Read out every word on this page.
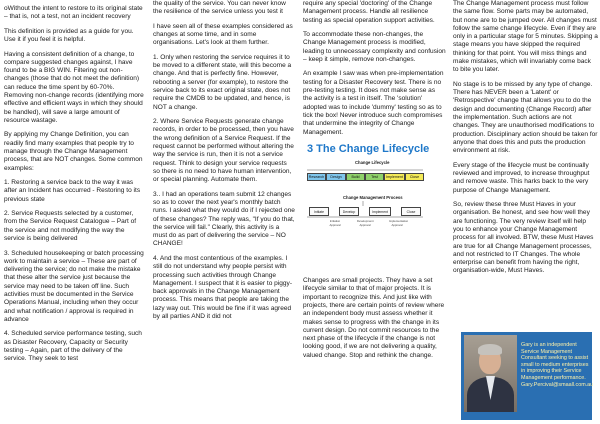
oWithout the intent to restore to its original state – that is, not a test, not an incident recovery

This definition is provided as a guide for you. Use it if you feel it is helpful.

Having a consistent definition of a change, to compare suggested changes against, I have found to be a BIG WIN. Filtering out non-changes (those that do not meet the definition) can reduce the time spent by 60-70%. Removing non-change records (identifying more effective and efficient ways in which they should be handled), will save a large amount of resource wastage.

By applying my Change Definition, you can readily find many examples that people try to manage through the Change Management process, that are NOT changes. Some common examples:

1. Restoring a service back to the way it was after an Incident has occurred - Restoring to its previous state

2. Service Requests selected by a customer, from the Service Request Catalogue – Part of the service and not modifying the way the service is being delivered

3. Scheduled housekeeping or batch processing work to maintain a service – These are part of delivering the service; do not make the mistake that these alter the service just because the service may need to be taken off line. Such activities must be documented in the Service Operations Manual, including when they occur and what notification / approval is required in advance

4. Scheduled service performance testing, such as Disaster Recovery, Capacity or Security testing – Again, part of the delivery of the service. They seek to test

the quality of the service. You can never know the resilience of the service unless you test it

I have seen all of these examples considered as changes at some time, and in some organisations. Let's look at them further.

1. Only when restoring the service requires it to be moved to a different state, will this become a change. And that is perfectly fine. However, rebooting a server (for example), to restore the service back to its exact original state, does not require the CMDB to be updated, and hence, is NOT a change.

2. Where Service Requests generate change records, in order to be processed, then you have the wrong definition of a Service Request. If the request cannot be performed without altering the way the service is run, then it is not a service request. Think to design your service requests so there is no need to have human intervention, or special planning. Automate them.

3.. I had an operations team submit 12 changes so as to cover the next year's monthly batch runs. I asked what they would do if I rejected one of these changes? The reply was, "If you do that, the service will fail." Clearly, this activity is a must do as part of delivering the service – NO CHANGE!

4. And the most contentious of the examples. I still do not understand why people persist with processing such activities through Change Management. I suspect that it is easier to piggy-back approvals in the Change Management process. This means that people are taking the lazy way out. This would be fine if it was agreed by all parties AND it did not

require any special 'doctoring' of the Change Management process. Handle all resilience testing as special operation support activities.

To accommodate these non-changes, the Change Management process is modified, leading to unnecessary complexity and confusion – keep it simple, remove non-changes.

An example I saw was when pre-implementation testing for a Disaster Recovery test. There is no pre-testing testing. It does not make sense as the activity is a test in itself. The 'solution' adopted was to include 'dummy' testing so as to tick the box! Never introduce such compromises that undermine the integrity of Change Management.

3 The Change Lifecycle
Change Lifecycle
Research	Design	Build	Test	Implement	Close
Change Management Process
Initiate	Develop	Implement	Close
Initiation Approval
Development Approval
Implementation Approval

Changes are small projects. They have a set lifecycle similar to that of major projects. It is important to recognize this. And just like with projects, there are certain points of review where an independent body must assess whether it makes sense to progress with the change in its current design. Do not commit resources to the next phase of the lifecycle if the change is not looking good, if we are not delivering a quality, valued change. Stop and rethink the change.

The Change Management process must follow the same flow. Some parts may be automated, but none are to be jumped over. All changes must follow the same change lifecycle. Even if they are only in a particular stage for 5 minutes. Skipping a stage means you have skipped the required thinking for that point. You will miss things and make mistakes, which will invariably come back to bite you later.

No stage is to be missed by any type of change. There has NEVER been a 'Latent' or 'Retrospective' change that allows you to do the design and documenting (Change Record) after the implementation. Such actions are not changes. They are unauthorised modifications to production. Disciplinary action should be taken for anyone that does this and puts the production environment at risk.

Every stage of the lifecycle must be continually reviewed and improved, to increase throughput and remove waste. This harks back to the very purpose of Change Management.

So, review these three Must Haves in your organisation. Be honest, and see how well they are functioning. The very review itself will help you to enhance your Change Management process for all involved. BTW, these Must Haves are true for all Change Management processes, and not restricted to IT Changes. The whole enterprise can benefit from having the right, organisation-wide, Must Haves.

Gary is an independent Service Management Consultant seeking to assist small to medium enterprises in improving their Service Management performance.
Gary.Percival@smaall.com.au
